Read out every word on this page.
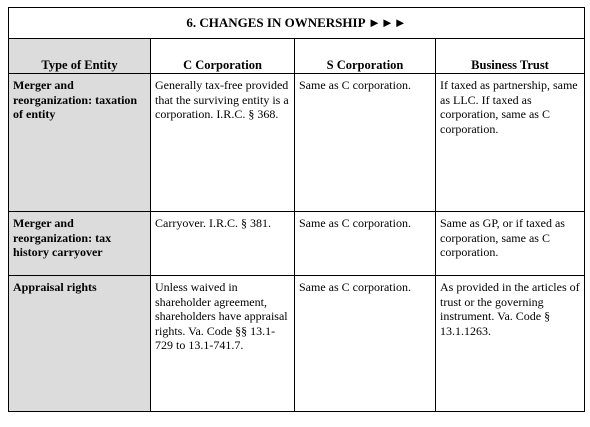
6. CHANGES IN OWNERSHIP ►►►			

Type of Entity	C Corporation	S Corporation	Business Trust
Merger and reorganization: taxation of entity	Generally tax-free provided that the surviving entity is a corporation. I.R.C. § 368.	Same as C corporation.	If taxed as partnership, same as LLC. If taxed as corporation, same as C corporation.
Merger and reorganization: tax history carryover	Carryover. I.R.C. § 381.	Same as C corporation.	Same as GP, or if taxed as corporation, same as C corporation.
Appraisal rights	Unless waived in shareholder agreement, shareholders have appraisal rights. Va. Code §§ 13.1-729 to 13.1-741.7.	Same as C corporation.	As provided in the articles of trust or the governing instrument. Va. Code § 13.1.1263.
